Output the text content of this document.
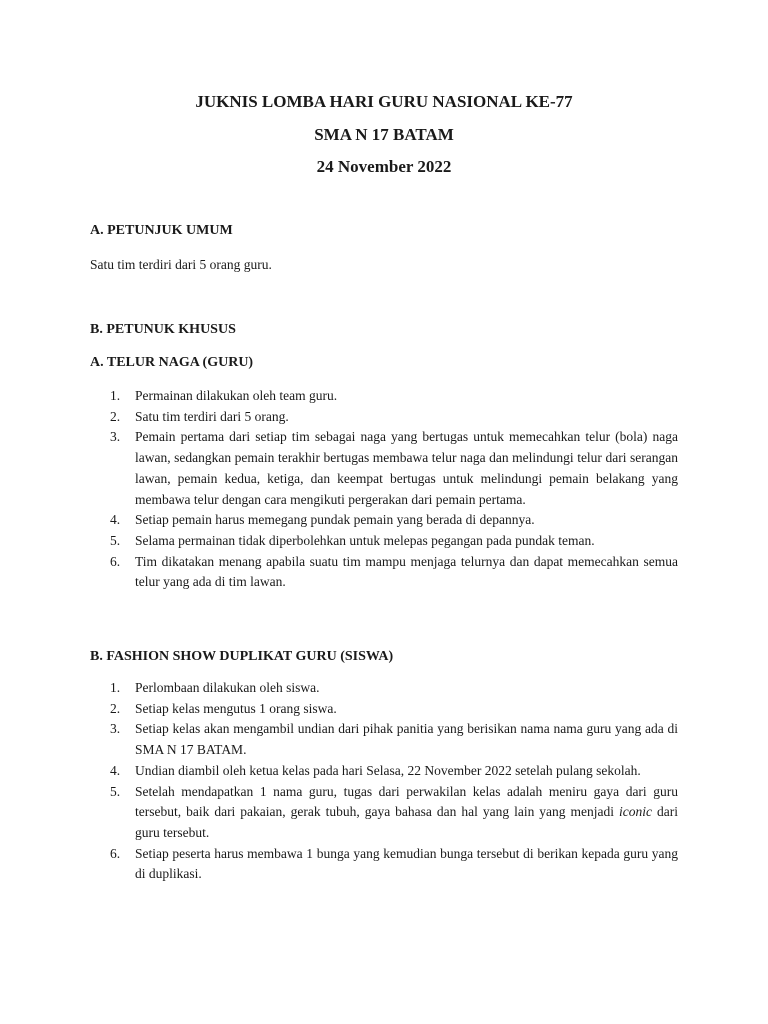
JUKNIS LOMBA HARI GURU NASIONAL KE-77
SMA N 17 BATAM
24 November 2022
A. PETUNJUK UMUM
Satu tim terdiri dari 5 orang guru.
B. PETUNUK KHUSUS
A. TELUR NAGA (GURU)
1. Permainan dilakukan oleh team guru.
2. Satu tim terdiri dari 5 orang.
3. Pemain pertama dari setiap tim sebagai naga yang bertugas untuk memecahkan telur (bola) naga lawan, sedangkan pemain terakhir bertugas membawa telur naga dan melindungi telur dari serangan lawan, pemain kedua, ketiga, dan keempat bertugas untuk melindungi pemain belakang yang membawa telur dengan cara mengikuti pergerakan dari pemain pertama.
4. Setiap pemain harus memegang pundak pemain yang berada di depannya.
5. Selama permainan tidak diperbolehkan untuk melepas pegangan pada pundak teman.
6. Tim dikatakan menang apabila suatu tim mampu menjaga telurnya dan dapat memecahkan semua telur yang ada di tim lawan.
B. FASHION SHOW DUPLIKAT GURU (SISWA)
1. Perlombaan dilakukan oleh siswa.
2. Setiap kelas mengutus 1 orang siswa.
3. Setiap kelas akan mengambil undian dari pihak panitia yang berisikan nama nama guru yang ada di SMA N 17 BATAM.
4. Undian diambil oleh ketua kelas pada hari Selasa, 22 November 2022 setelah pulang sekolah.
5. Setelah mendapatkan 1 nama guru, tugas dari perwakilan kelas adalah meniru gaya dari guru tersebut, baik dari pakaian, gerak tubuh, gaya bahasa dan hal yang lain yang menjadi iconic dari guru tersebut.
6. Setiap peserta harus membawa 1 bunga yang kemudian bunga tersebut di berikan kepada guru yang di duplikasi.
